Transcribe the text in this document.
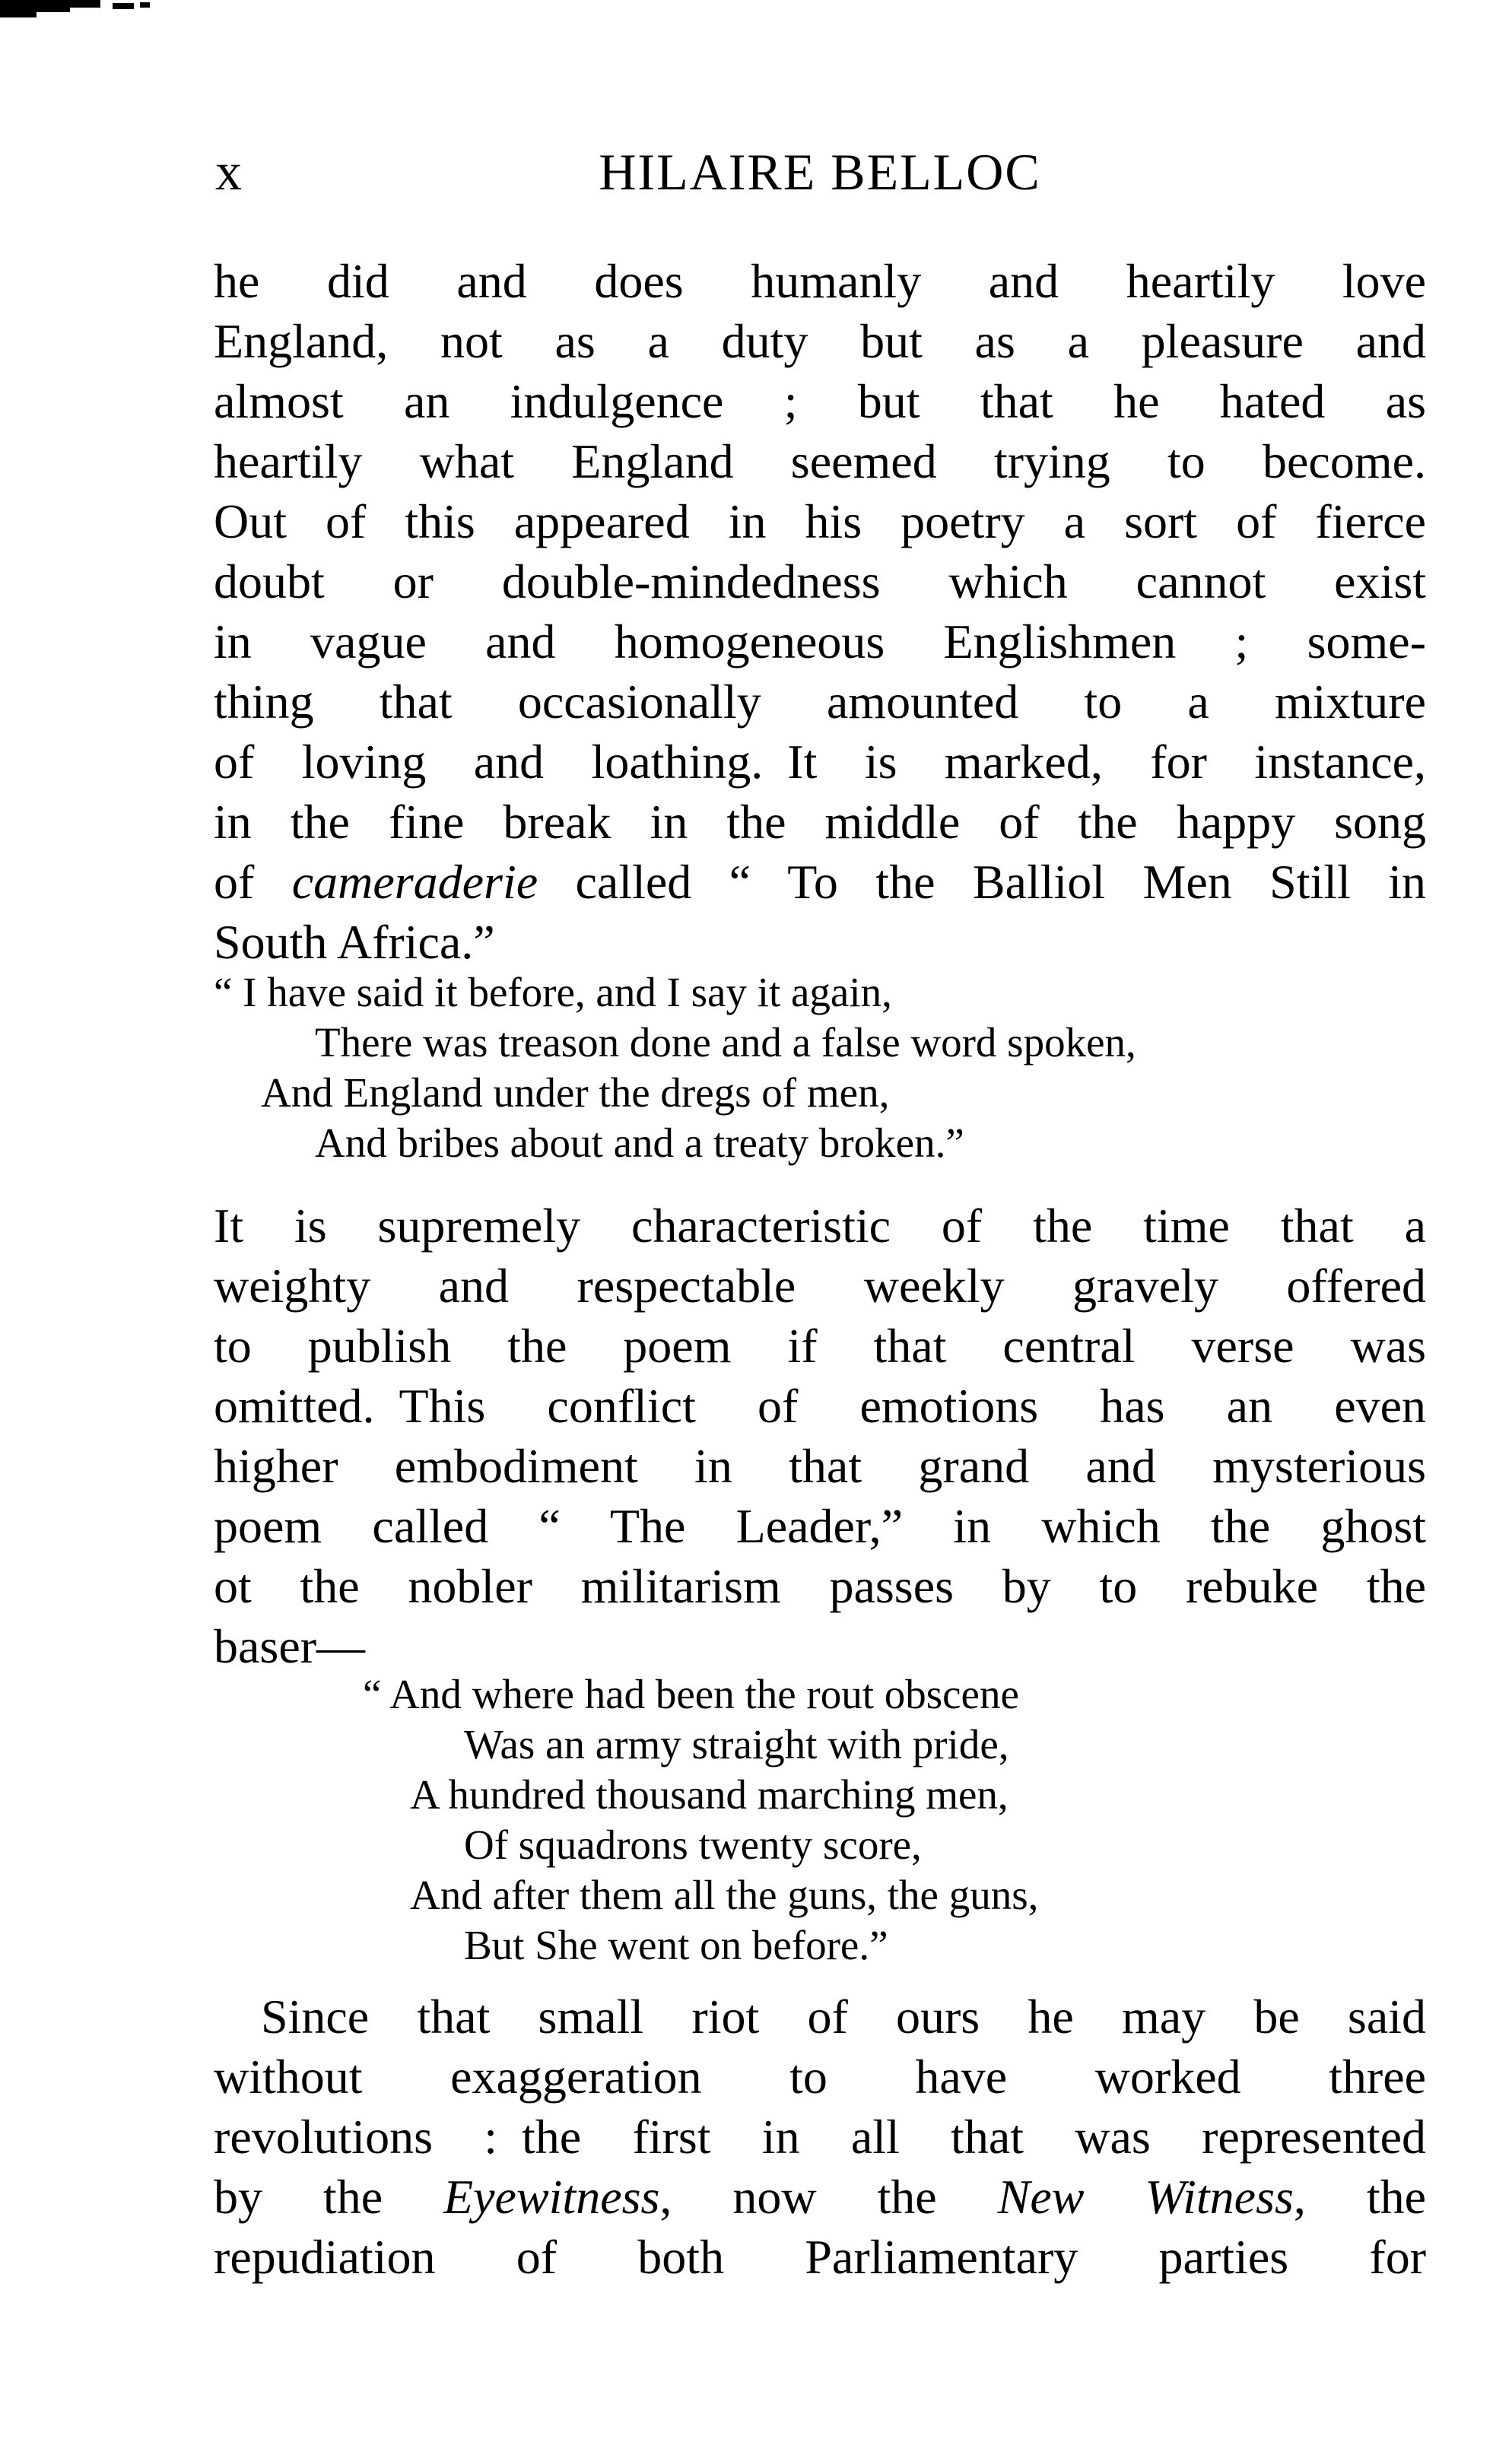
x	HILAIRE BELLOC
he did and does humanly and heartily love
England, not as a duty but as a pleasure and
almost an indulgence ; but that he hated as
heartily what England seemed trying to become.
Out of this appeared in his poetry a sort of fierce
doubt or double-mindedness which cannot exist
in vague and homogeneous Englishmen ; some-
thing that occasionally amounted to a mixture
of loving and loathing. It is marked, for instance,
in the fine break in the middle of the happy song
of cameraderie called “ To the Balliol Men Still in
South Africa.”
“ I have said it before, and I say it again,
There was treason done and a false word spoken,
And England under the dregs of men,
And bribes about and a treaty broken.”
It is supremely characteristic of the time that a
weighty and respectable weekly gravely offered
to publish the poem if that central verse was
omitted. This conflict of emotions has an even
higher embodiment in that grand and mysterious
poem called “ The Leader,” in which the ghost
ot the nobler militarism passes by to rebuke the
baser—
“ And where had been the rout obscene
Was an army straight with pride,
A hundred thousand marching men,
Of squadrons twenty score,
And after them all the guns, the guns,
But She went on before.”
Since that small riot of ours he may be said
without exaggeration to have worked three
revolutions : the first in all that was represented
by the Eyewitness, now the New Witness, the
repudiation of both Parliamentary parties for
